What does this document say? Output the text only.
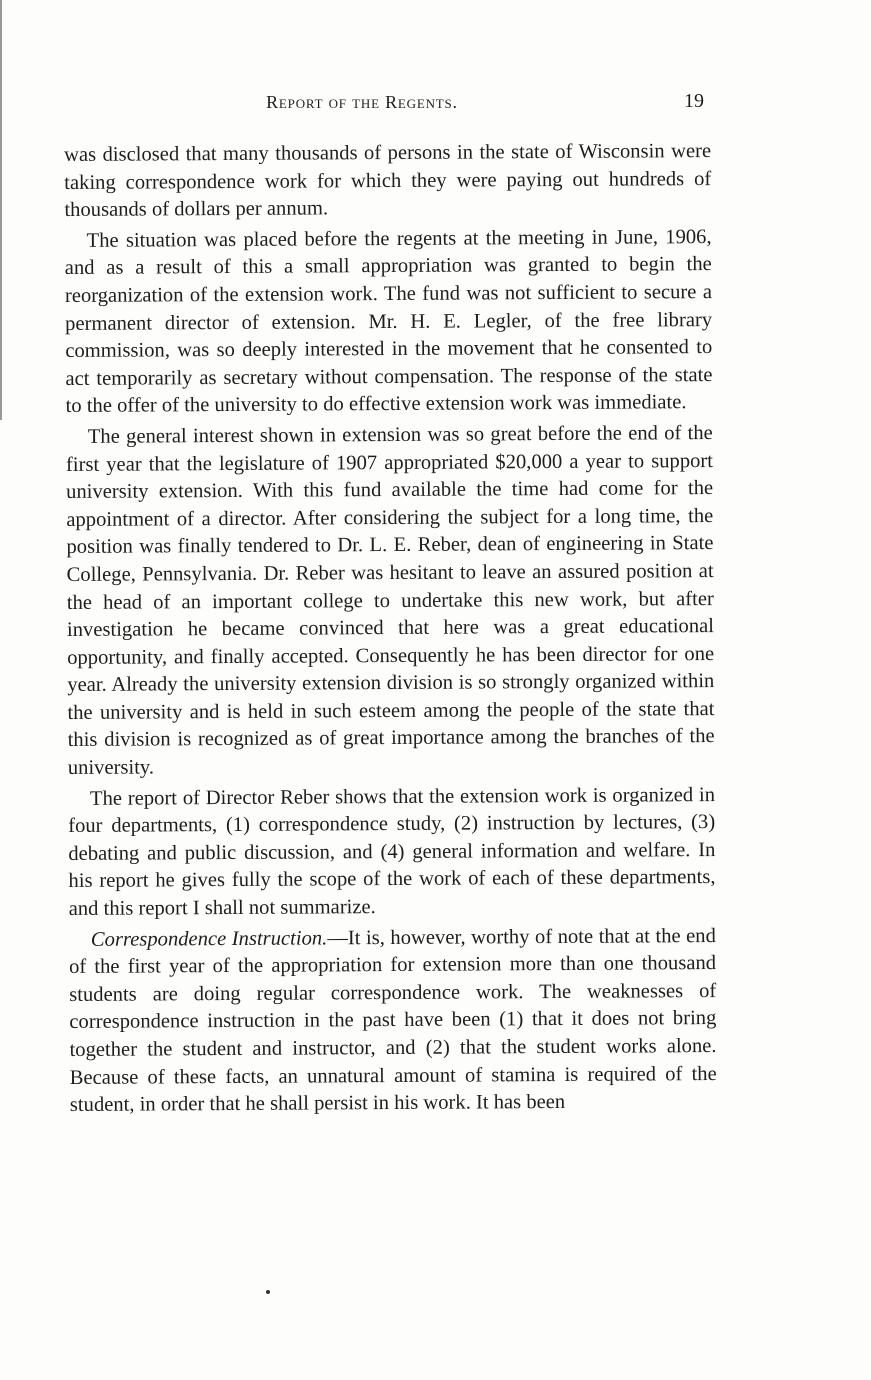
Report of the Regents.	19

was disclosed that many thousands of persons in the state of Wisconsin were taking correspondence work for which they were paying out hundreds of thousands of dollars per annum.

The situation was placed before the regents at the meeting in June, 1906, and as a result of this a small appropriation was granted to begin the reorganization of the extension work. The fund was not sufficient to secure a permanent director of extension. Mr. H. E. Legler, of the free library commission, was so deeply interested in the movement that he consented to act temporarily as secretary without compensation. The response of the state to the offer of the university to do effective extension work was immediate.

The general interest shown in extension was so great before the end of the first year that the legislature of 1907 appropriated $20,000 a year to support university extension. With this fund available the time had come for the appointment of a director. After considering the subject for a long time, the position was finally tendered to Dr. L. E. Reber, dean of engineering in State College, Pennsylvania. Dr. Reber was hesitant to leave an assured position at the head of an important college to undertake this new work, but after investigation he became convinced that here was a great educational opportunity, and finally accepted. Consequently he has been director for one year. Already the university extension division is so strongly organized within the university and is held in such esteem among the people of the state that this division is recognized as of great importance among the branches of the university.

The report of Director Reber shows that the extension work is organized in four departments, (1) correspondence study, (2) instruction by lectures, (3) debating and public discussion, and (4) general information and welfare. In his report he gives fully the scope of the work of each of these departments, and this report I shall not summarize.

Correspondence Instruction.—It is, however, worthy of note that at the end of the first year of the appropriation for extension more than one thousand students are doing regular correspondence work. The weaknesses of correspondence instruction in the past have been (1) that it does not bring together the student and instructor, and (2) that the student works alone. Because of these facts, an unnatural amount of stamina is required of the student, in order that he shall persist in his work. It has been
